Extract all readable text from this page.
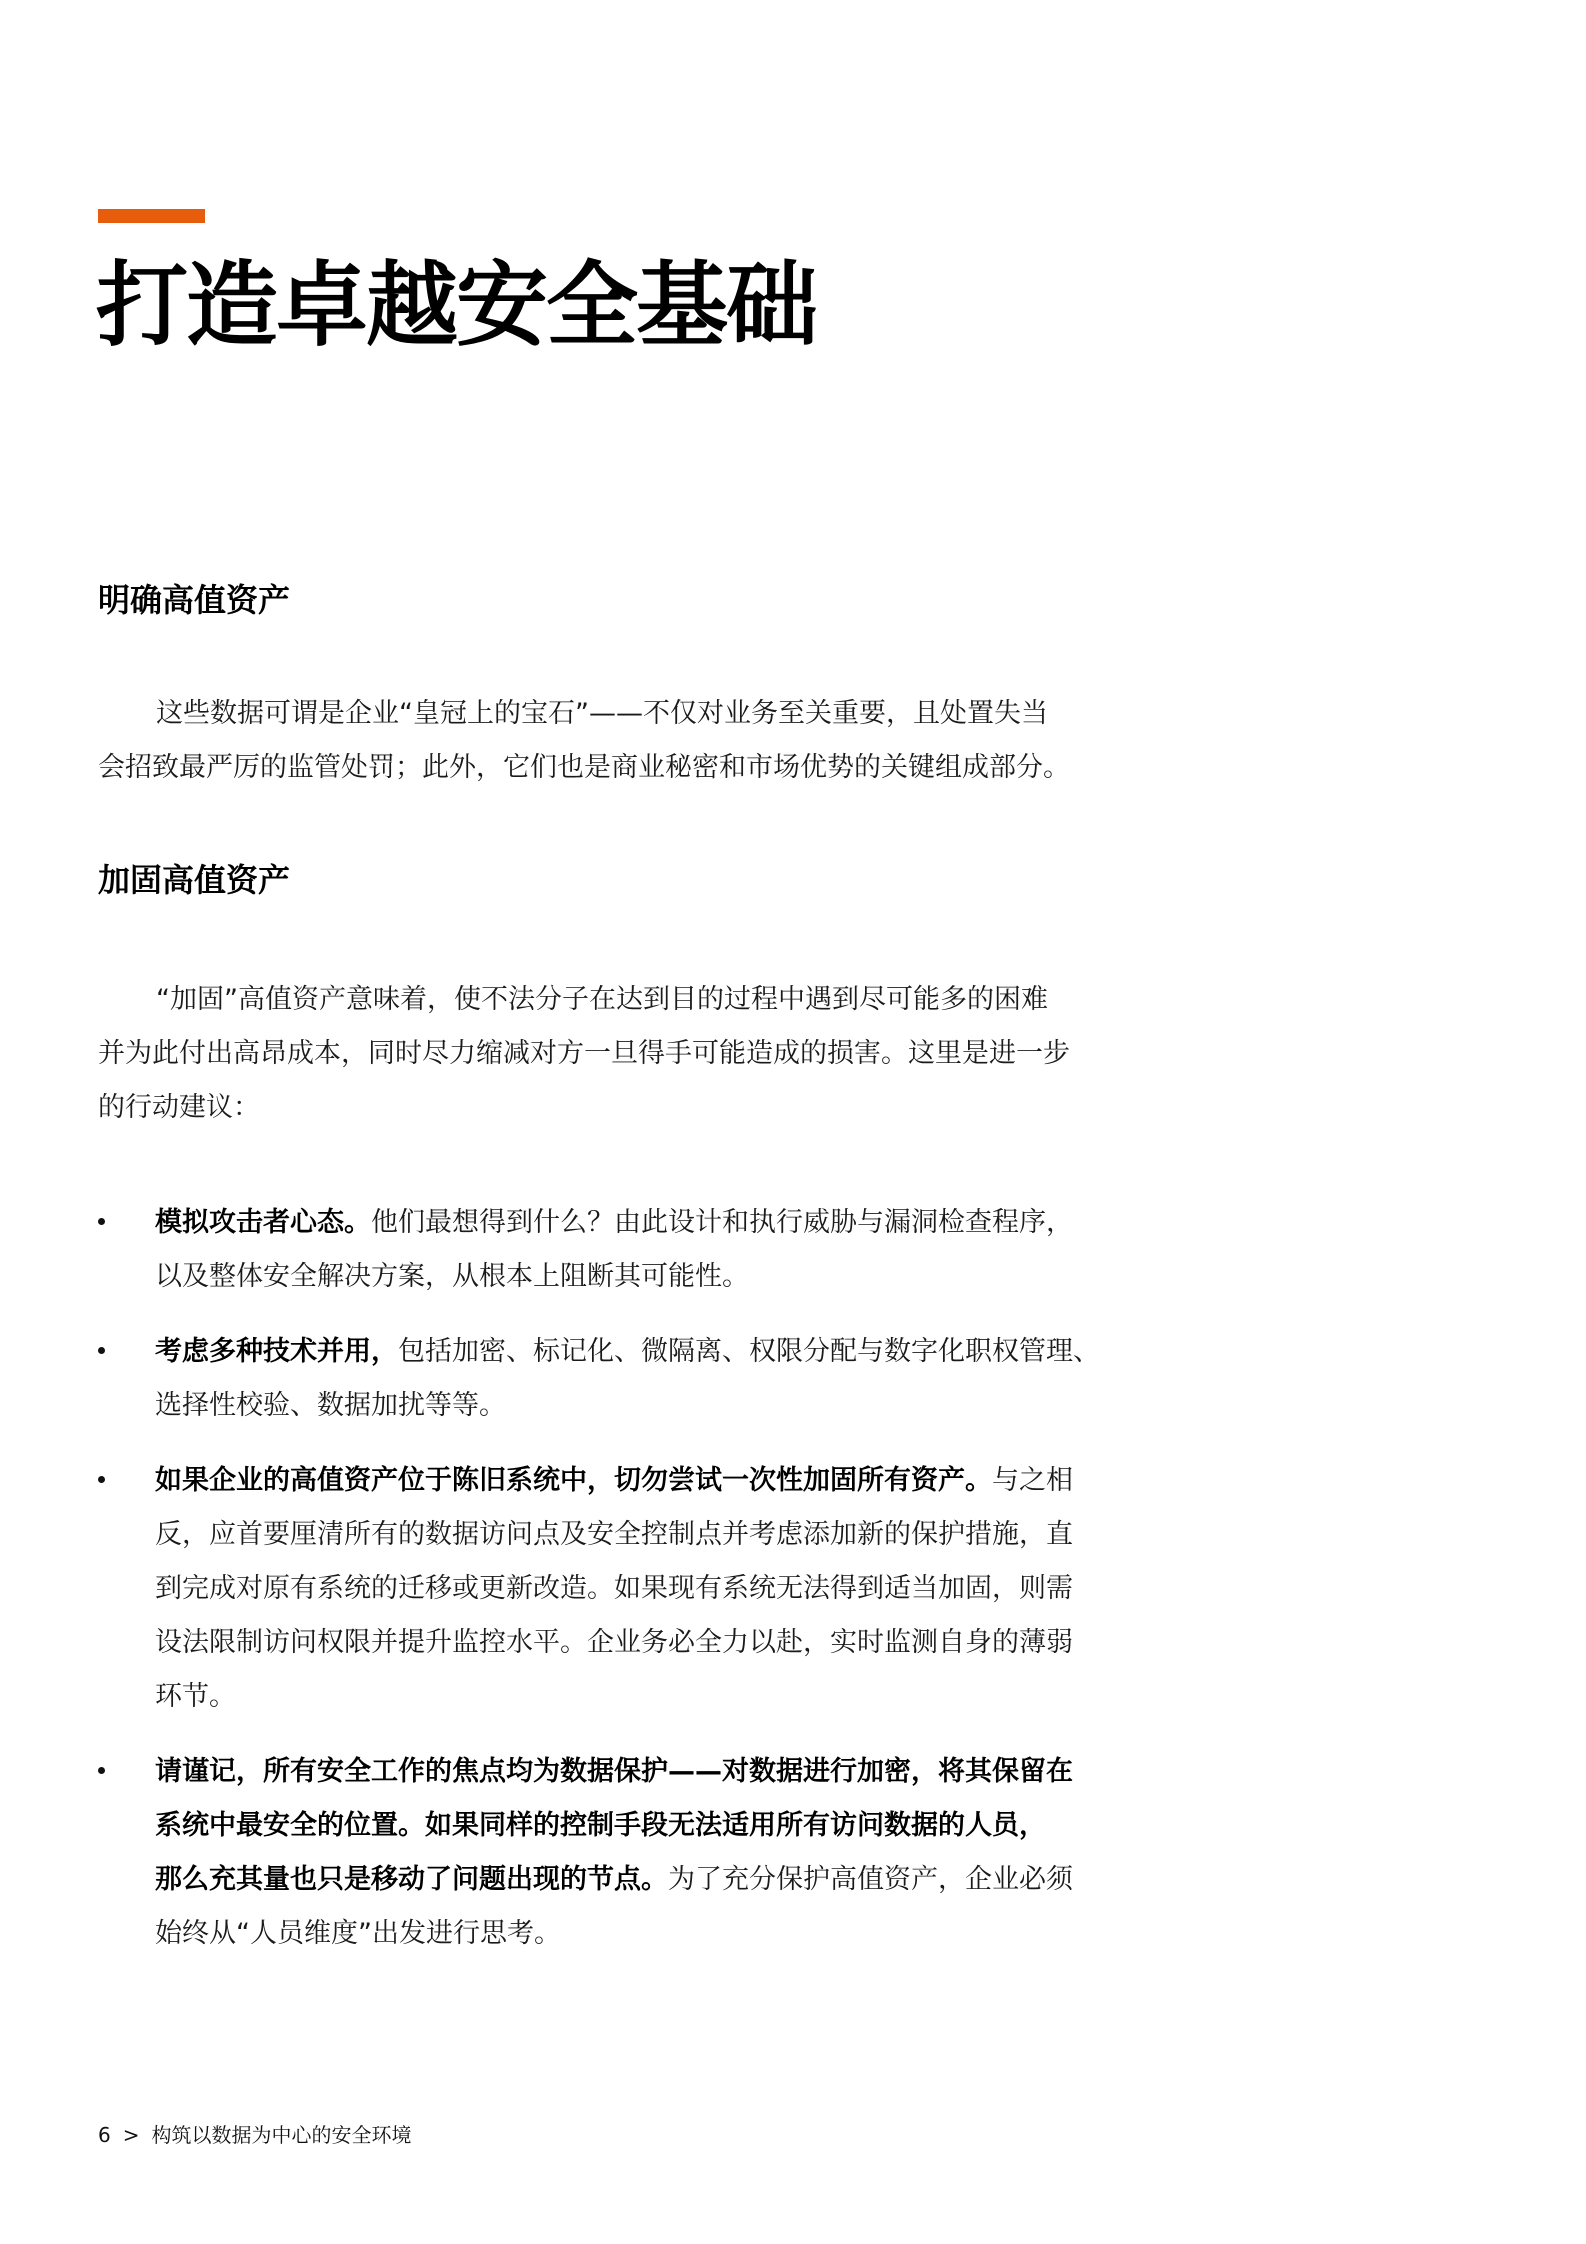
打造卓越安全基础
明确高值资产

这些数据可谓是企业“皇冠上的宝石”——不仅对业务至关重要，且处置失当
会招致最严厉的监管处罚；此外，它们也是商业秘密和市场优势的关键组成部分。

加固高值资产

“加固”高值资产意味着，使不法分子在达到目的过程中遇到尽可能多的困难
并为此付出高昂成本，同时尽力缩减对方一旦得手可能造成的损害。这里是进一步
的行动建议：

模拟攻击者心态。他们最想得到什么？由此设计和执行威胁与漏洞检查程序，
以及整体安全解决方案，从根本上阻断其可能性。
考虑多种技术并用，包括加密、标记化、微隔离、权限分配与数字化职权管理、
选择性校验、数据加扰等等。
如果企业的高值资产位于陈旧系统中，切勿尝试一次性加固所有资产。与之相
反，应首要厘清所有的数据访问点及安全控制点并考虑添加新的保护措施，直
到完成对原有系统的迁移或更新改造。如果现有系统无法得到适当加固，则需
设法限制访问权限并提升监控水平。企业务必全力以赴，实时监测自身的薄弱
环节。
请谨记，所有安全工作的焦点均为数据保护——对数据进行加密，将其保留在
系统中最安全的位置。如果同样的控制手段无法适用所有访问数据的人员，
那么充其量也只是移动了问题出现的节点。为了充分保护高值资产，企业必须
始终从“人员维度”出发进行思考。
6 > 构筑以数据为中心的安全环境
